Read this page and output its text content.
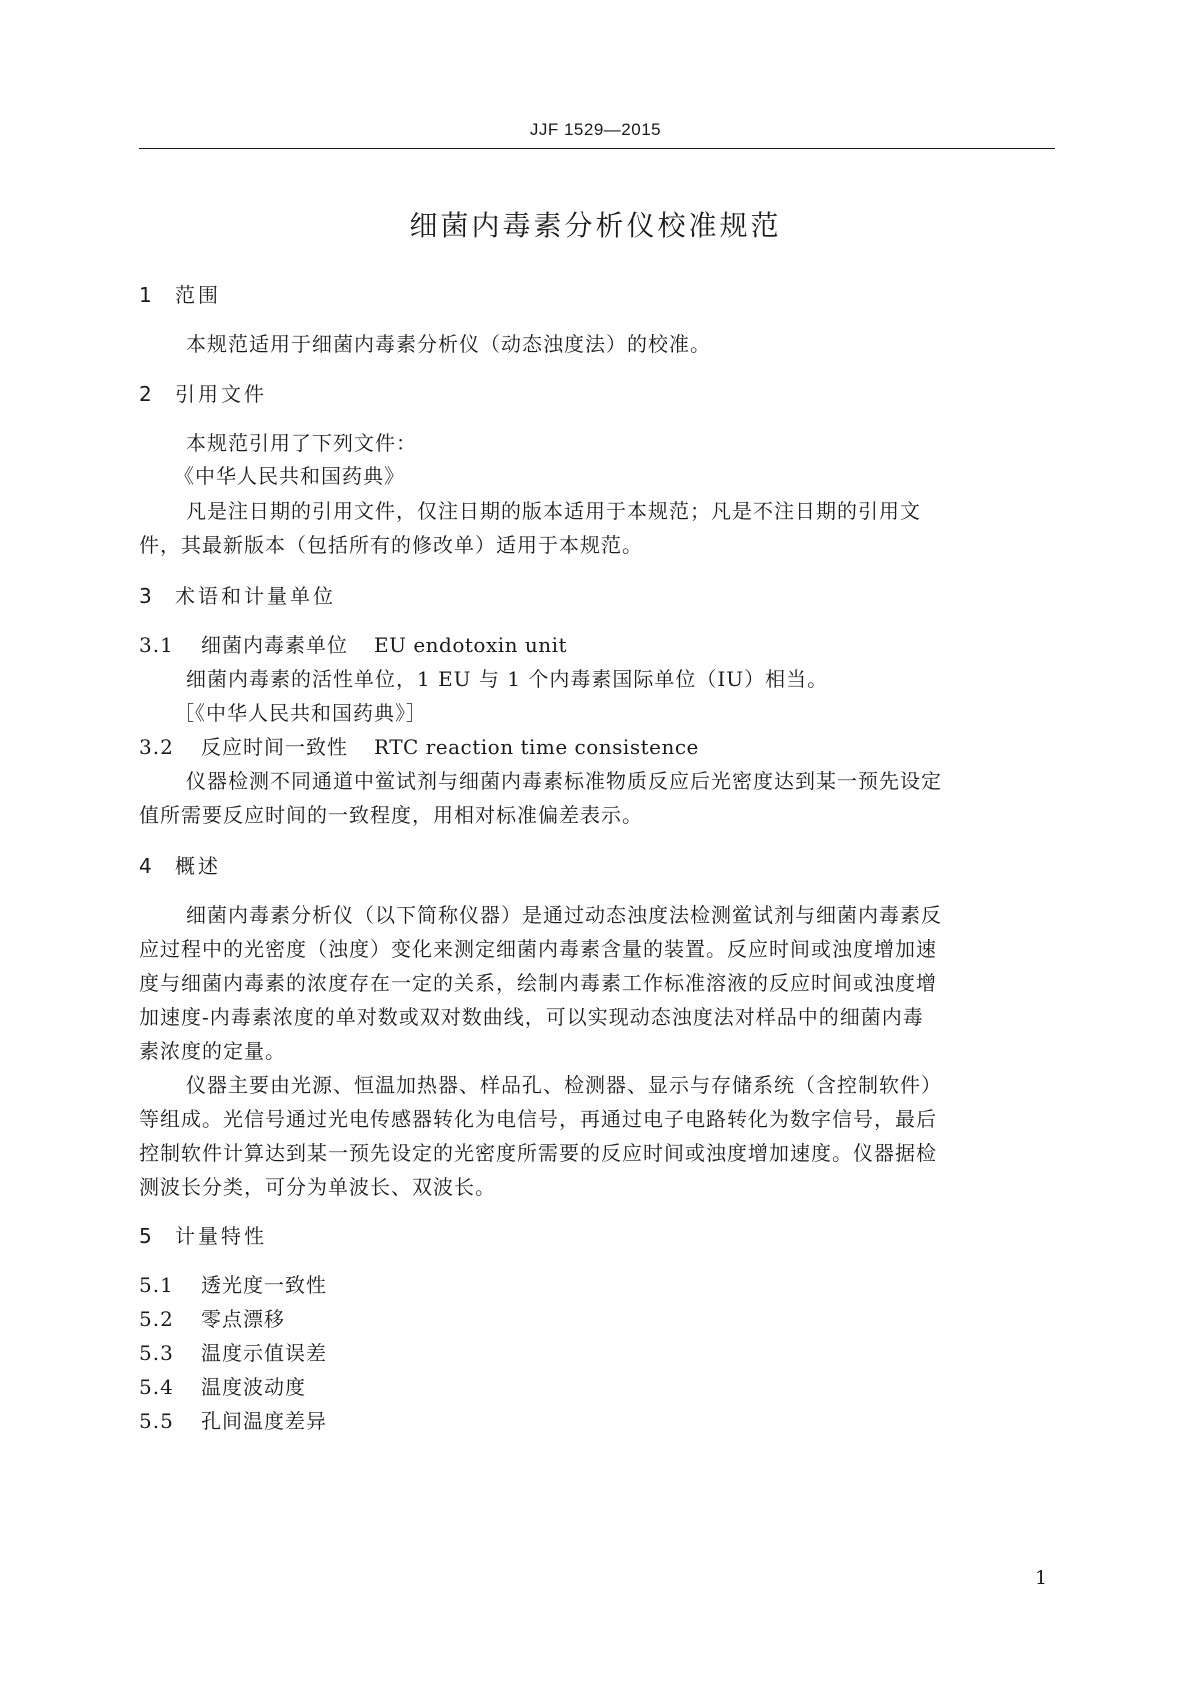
JJF 1529—2015
细菌内毒素分析仪校准规范
1 范围
本规范适用于细菌内毒素分析仪（动态浊度法）的校准。
2 引用文件
本规范引用了下列文件：
《中华人民共和国药典》
凡是注日期的引用文件，仅注日期的版本适用于本规范；凡是不注日期的引用文
件，其最新版本（包括所有的修改单）适用于本规范。
3 术语和计量单位
3.1 细菌内毒素单位 EU endotoxin unit
细菌内毒素的活性单位，1 EU 与 1 个内毒素国际单位（IU）相当。
［《中华人民共和国药典》］
3.2 反应时间一致性 RTC reaction time consistence
仪器检测不同通道中鲎试剂与细菌内毒素标准物质反应后光密度达到某一预先设定
值所需要反应时间的一致程度，用相对标准偏差表示。
4 概述
细菌内毒素分析仪（以下简称仪器）是通过动态浊度法检测鲎试剂与细菌内毒素反
应过程中的光密度（浊度）变化来测定细菌内毒素含量的装置。反应时间或浊度增加速
度与细菌内毒素的浓度存在一定的关系，绘制内毒素工作标准溶液的反应时间或浊度增
加速度-内毒素浓度的单对数或双对数曲线，可以实现动态浊度法对样品中的细菌内毒
素浓度的定量。
仪器主要由光源、恒温加热器、样品孔、检测器、显示与存储系统（含控制软件）
等组成。光信号通过光电传感器转化为电信号，再通过电子电路转化为数字信号，最后
控制软件计算达到某一预先设定的光密度所需要的反应时间或浊度增加速度。仪器据检
测波长分类，可分为单波长、双波长。
5 计量特性
5.1 透光度一致性
5.2 零点漂移
5.3 温度示值误差
5.4 温度波动度
5.5 孔间温度差异
1
